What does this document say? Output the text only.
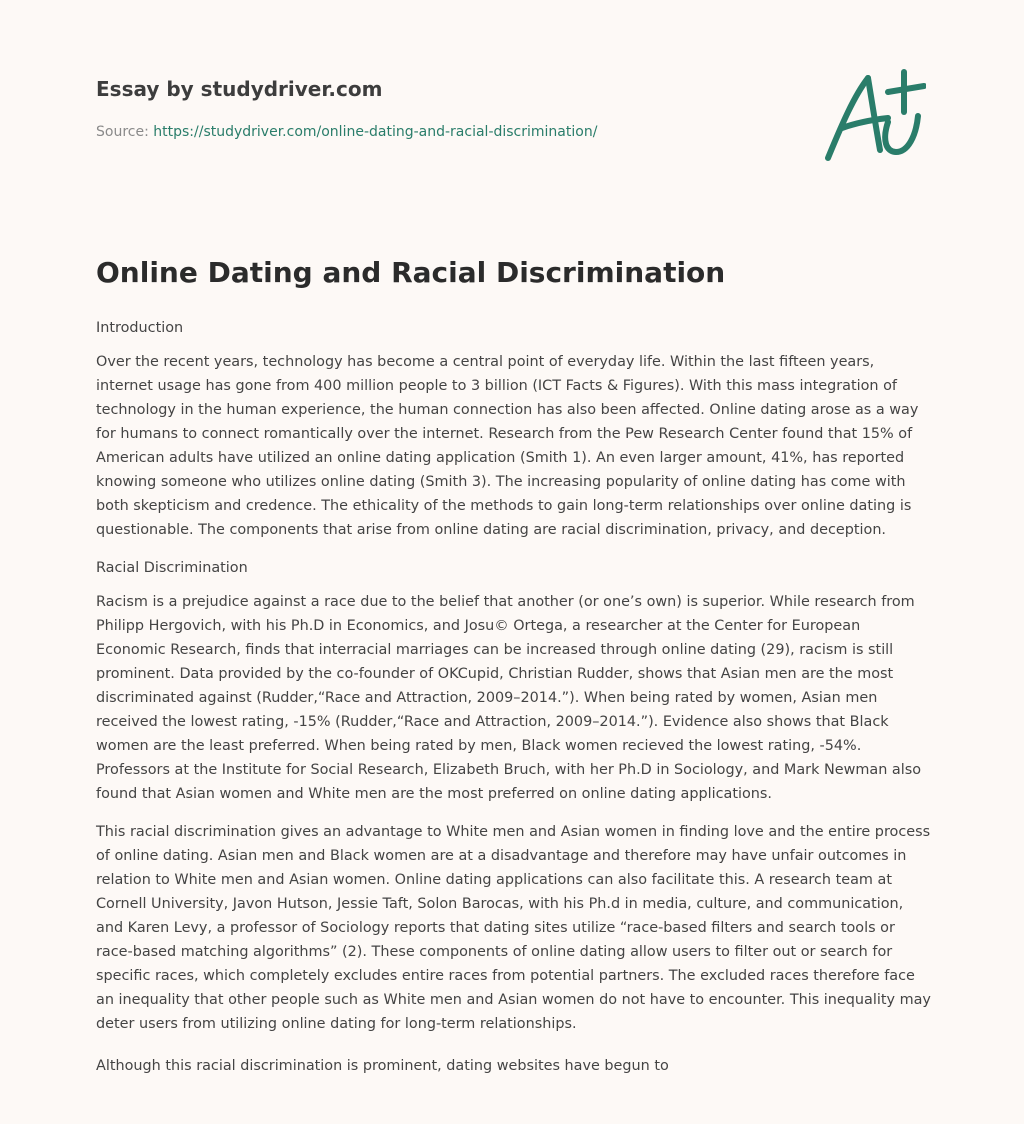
Essay by studydriver.com
Source: https://studydriver.com/online-dating-and-racial-discrimination/
Online Dating and Racial Discrimination

Introduction

Over the recent years, technology has become a central point of everyday life. Within the last fifteen years, internet usage has gone from 400 million people to 3 billion (ICT Facts & Figures). With this mass integration of technology in the human experience, the human connection has also been affected. Online dating arose as a way for humans to connect romantically over the internet. Research from the Pew Research Center found that 15% of American adults have utilized an online dating application (Smith 1). An even larger amount, 41%, has reported knowing someone who utilizes online dating (Smith 3). The increasing popularity of online dating has come with both skepticism and credence. The ethicality of the methods to gain long-term relationships over online dating is questionable. The components that arise from online dating are racial discrimination, privacy, and deception.

Racial Discrimination

Racism is a prejudice against a race due to the belief that another (or one’s own) is superior. While research from Philipp Hergovich, with his Ph.D in Economics, and Josu© Ortega, a researcher at the Center for European Economic Research, finds that interracial marriages can be increased through online dating (29), racism is still prominent. Data provided by the co-founder of OKCupid, Christian Rudder, shows that Asian men are the most discriminated against (Rudder,“Race and Attraction, 2009–2014.”). When being rated by women, Asian men received the lowest rating, -15% (Rudder,“Race and Attraction, 2009–2014.”). Evidence also shows that Black women are the least preferred. When being rated by men, Black women recieved the lowest rating, -54%. Professors at the Institute for Social Research, Elizabeth Bruch, with her Ph.D in Sociology, and Mark Newman also found that Asian women and White men are the most preferred on online dating applications.

This racial discrimination gives an advantage to White men and Asian women in finding love and the entire process of online dating. Asian men and Black women are at a disadvantage and therefore may have unfair outcomes in relation to White men and Asian women. Online dating applications can also facilitate this. A research team at Cornell University, Javon Hutson, Jessie Taft, Solon Barocas, with his Ph.d in media, culture, and communication, and Karen Levy, a professor of Sociology reports that dating sites utilize “race-based filters and search tools or race-based matching algorithms” (2). These components of online dating allow users to filter out or search for specific races, which completely excludes entire races from potential partners. The excluded races therefore face an inequality that other people such as White men and Asian women do not have to encounter. This inequality may deter users from utilizing online dating for long-term relationships.

Although this racial discrimination is prominent, dating websites have begun to
